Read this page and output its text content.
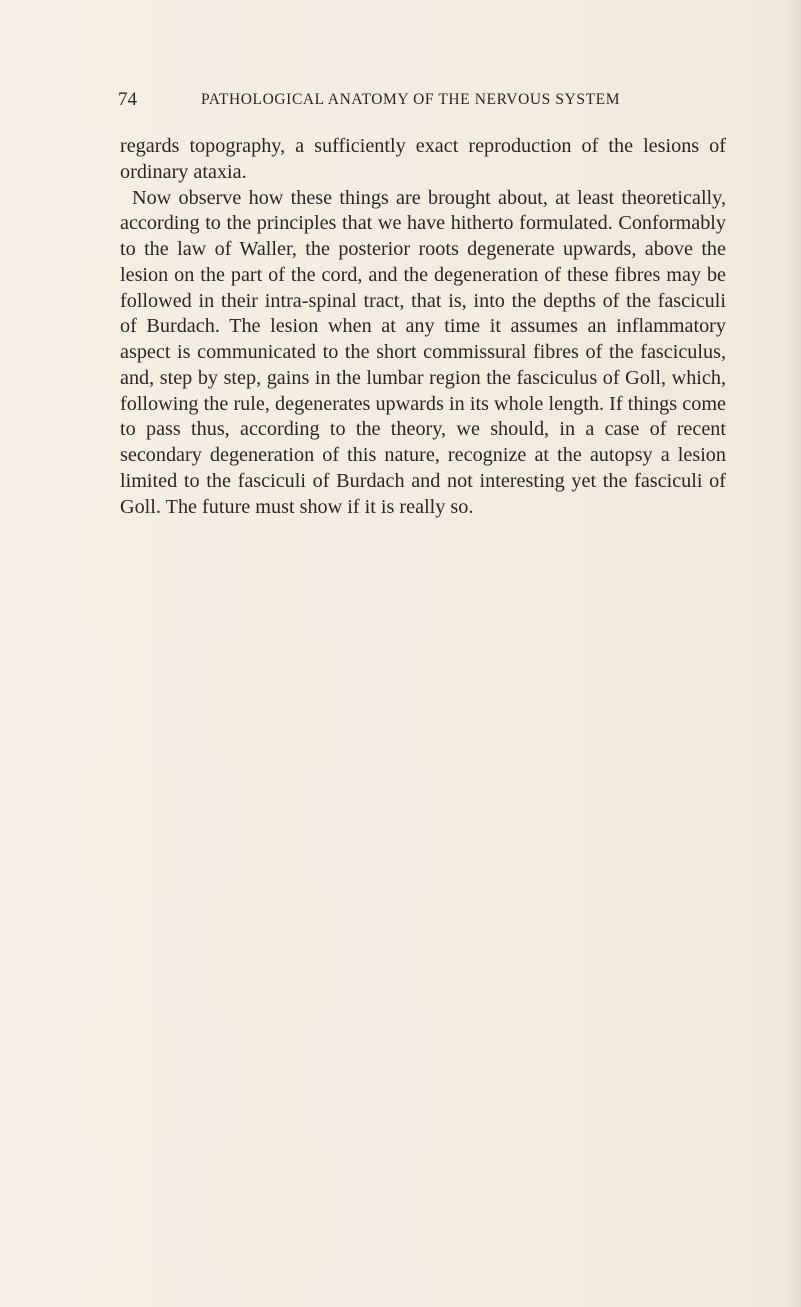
74	PATHOLOGICAL ANATOMY OF THE NERVOUS SYSTEM

regards topography, a sufficiently exact reproduction of the lesions of ordinary ataxia.

Now observe how these things are brought about, at least theoretically, according to the principles that we have hitherto formulated. Conformably to the law of Waller, the posterior roots degenerate upwards, above the lesion on the part of the cord, and the degeneration of these fibres may be followed in their intra-spinal tract, that is, into the depths of the fasciculi of Burdach. The lesion when at any time it assumes an inflammatory aspect is communicated to the short commissural fibres of the fasciculus, and, step by step, gains in the lumbar region the fasciculus of Goll, which, following the rule, degenerates upwards in its whole length. If things come to pass thus, according to the theory, we should, in a case of recent secondary degeneration of this nature, recognize at the autopsy a lesion limited to the fasciculi of Burdach and not interesting yet the fasciculi of Goll. The future must show if it is really so.
